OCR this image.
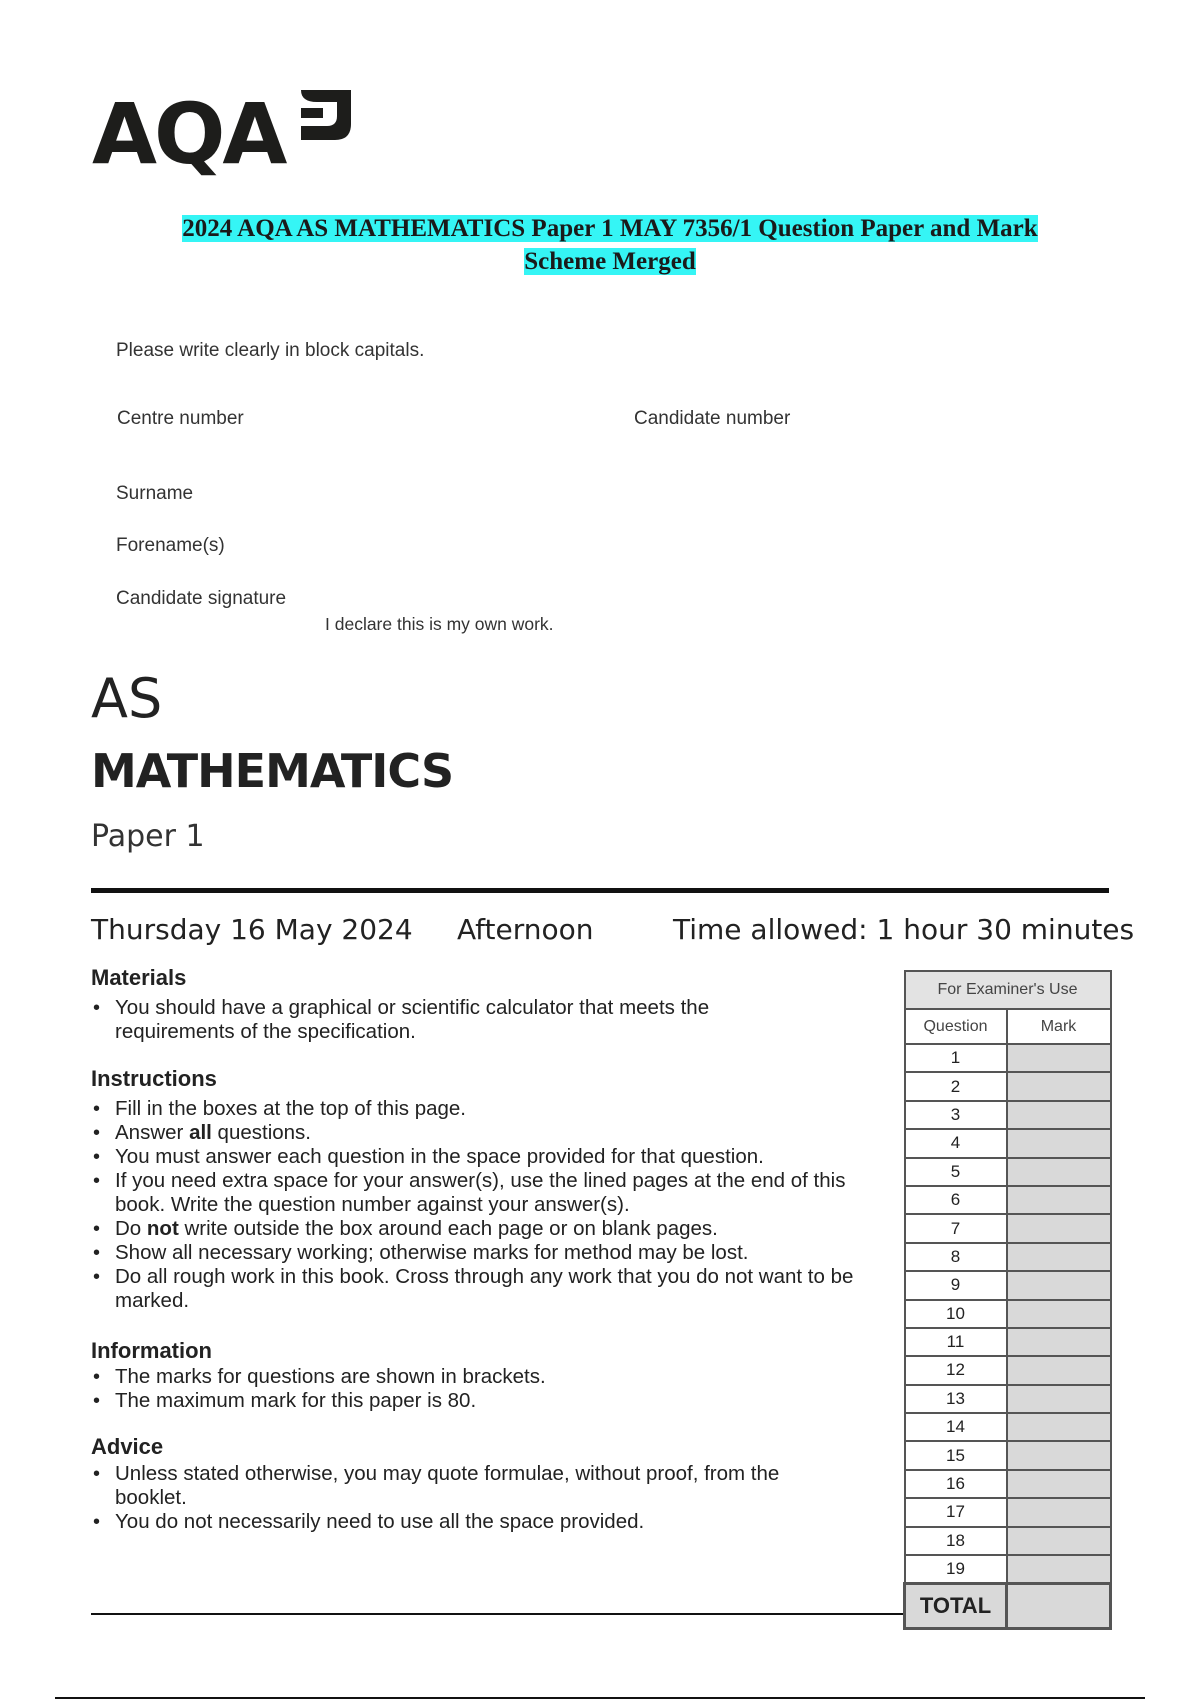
AQA
2024 AQA AS MATHEMATICS Paper 1 MAY 7356/1 Question Paper and Mark
Scheme Merged
Please write clearly in block capitals.
Centre number	Candidate number
Surname
Forename(s)
Candidate signature
I declare this is my own work.
AS
MATHEMATICS
Paper 1
Thursday 16 May 2024 Afternoon	Time allowed: 1 hour 30 minutes
Materials
• You should have a graphical or scientific calculator that meets the requirements of the specification.
Instructions
• Fill in the boxes at the top of this page.
• Answer all questions.
• You must answer each question in the space provided for that question.
• If you need extra space for your answer(s), use the lined pages at the end of this book. Write the question number against your answer(s).
• Do not write outside the box around each page or on blank pages.
• Show all necessary working; otherwise marks for method may be lost.
• Do all rough work in this book. Cross through any work that you do not want to be marked.
Information
• The marks for questions are shown in brackets.
• The maximum mark for this paper is 80.
Advice
• Unless stated otherwise, you may quote formulae, without proof, from the booklet.
• You do not necessarily need to use all the space provided.
For Examiner's Use	
Question	Mark
1	
2	
3	
4	
5	
6	
7	
8	
9	
10	
11	
12	
13	
14	
15	
16	
17	
18	
19	
TOTAL	
